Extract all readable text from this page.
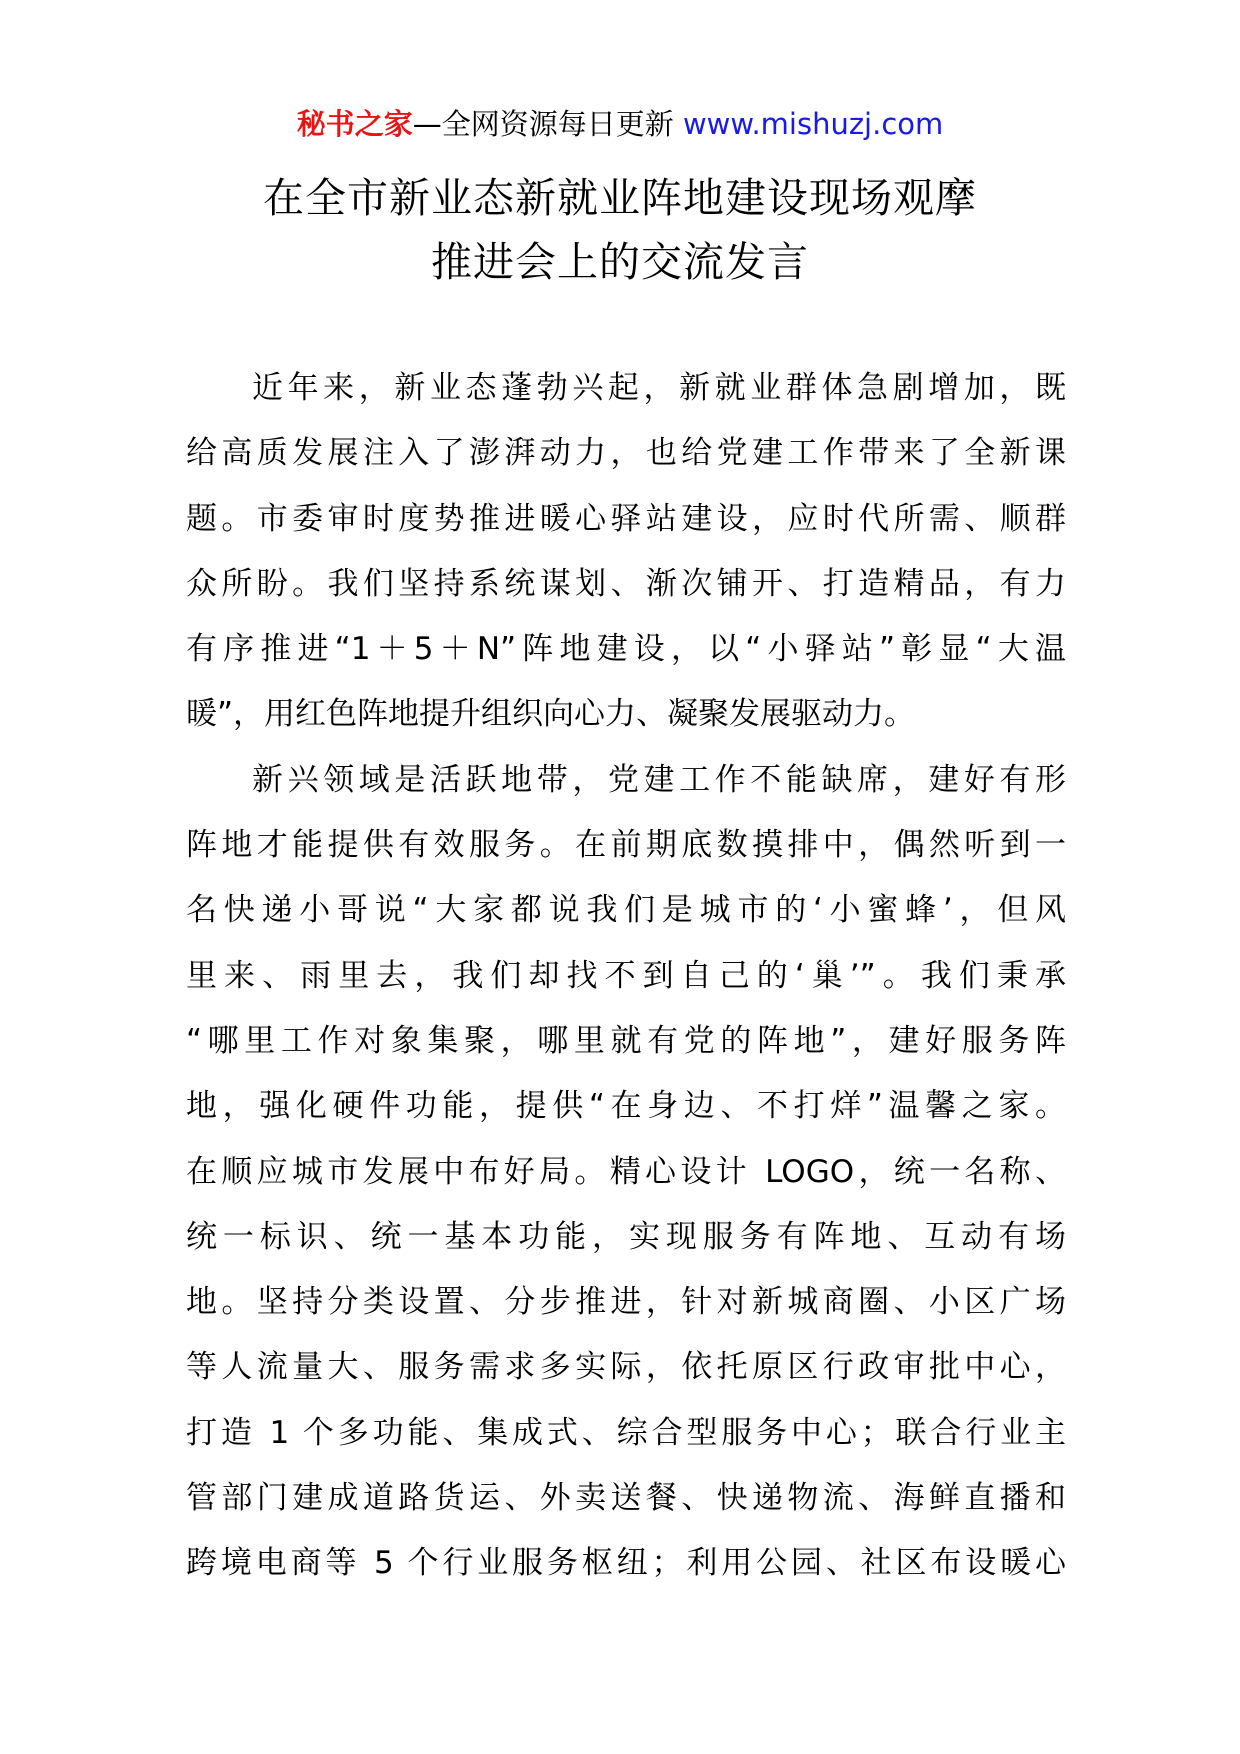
秘书之家—全网资源每日更新 www.mishuzj.com
在全市新业态新就业阵地建设现场观摩
推进会上的交流发言
近年来，新业态蓬勃兴起，新就业群体急剧增加，既
给高质发展注入了澎湃动力，也给党建工作带来了全新课
题。市委审时度势推进暖心驿站建设，应时代所需、顺群
众所盼。我们坚持系统谋划、渐次铺开、打造精品，有力
有序推进“1＋5＋N”阵地建设，以“小驿站”彰显“大温
暖”，用红色阵地提升组织向心力、凝聚发展驱动力。
新兴领域是活跃地带，党建工作不能缺席，建好有形
阵地才能提供有效服务。在前期底数摸排中，偶然听到一
名快递小哥说“大家都说我们是城市的‘小蜜蜂’，但风
里来、雨里去，我们却找不到自己的‘巢’”。我们秉承
“哪里工作对象集聚，哪里就有党的阵地”，建好服务阵
地，强化硬件功能，提供“在身边、不打烊”温馨之家。
在顺应城市发展中布好局。精心设计 LOGO，统一名称、
统一标识、统一基本功能，实现服务有阵地、互动有场
地。坚持分类设置、分步推进，针对新城商圈、小区广场
等人流量大、服务需求多实际，依托原区行政审批中心，
打造 1 个多功能、集成式、综合型服务中心；联合行业主
管部门建成道路货运、外卖送餐、快递物流、海鲜直播和
跨境电商等 5 个行业服务枢纽；利用公园、社区布设暖心
